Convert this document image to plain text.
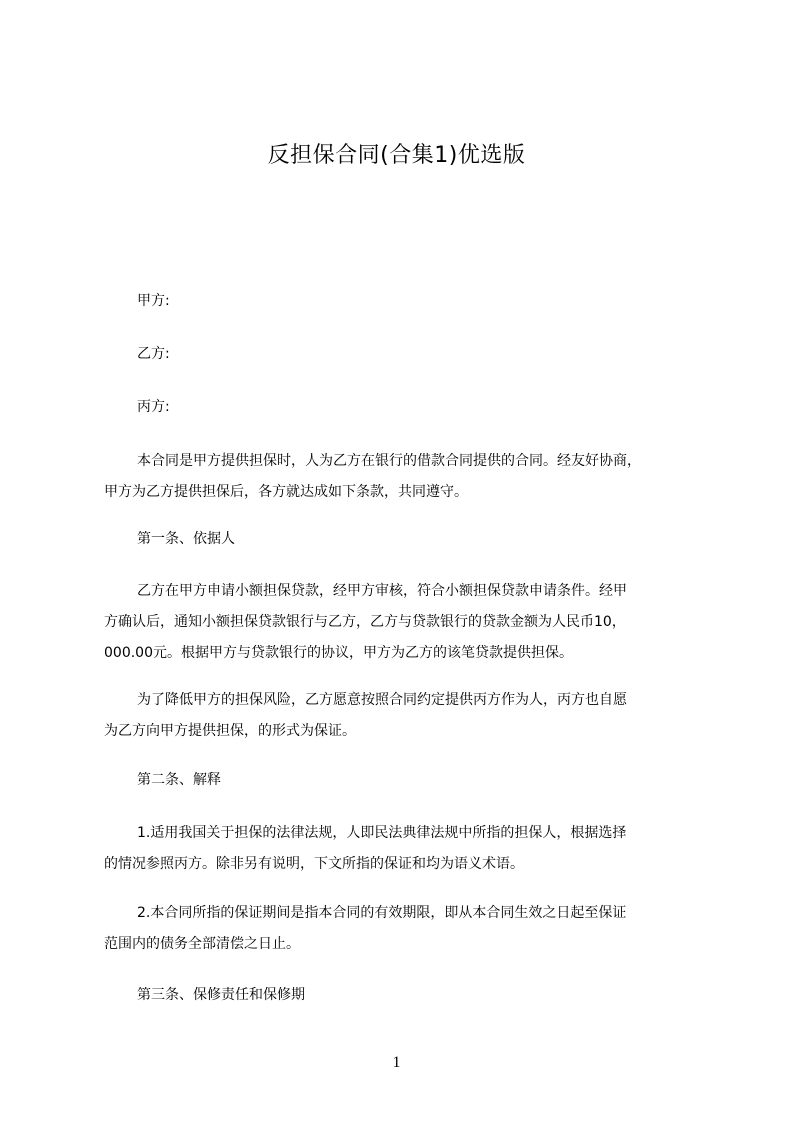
反担保合同(合集1)优选版
甲方:
乙方:
丙方:
本合同是甲方提供担保时，人为乙方在银行的借款合同提供的合同。经友好协商，
甲方为乙方提供担保后，各方就达成如下条款，共同遵守。
第一条、依据人
乙方在甲方申请小额担保贷款，经甲方审核，符合小额担保贷款申请条件。经甲
方确认后，通知小额担保贷款银行与乙方，乙方与贷款银行的贷款金额为人民币10，
000.00元。根据甲方与贷款银行的协议，甲方为乙方的该笔贷款提供担保。
为了降低甲方的担保风险，乙方愿意按照合同约定提供丙方作为人，丙方也自愿
为乙方向甲方提供担保，的形式为保证。
第二条、解释
1.适用我国关于担保的法律法规，人即民法典律法规中所指的担保人，根据选择
的情况参照丙方。除非另有说明，下文所指的保证和均为语义术语。
2.本合同所指的保证期间是指本合同的有效期限，即从本合同生效之日起至保证
范围内的债务全部清偿之日止。
第三条、保修责任和保修期
1
